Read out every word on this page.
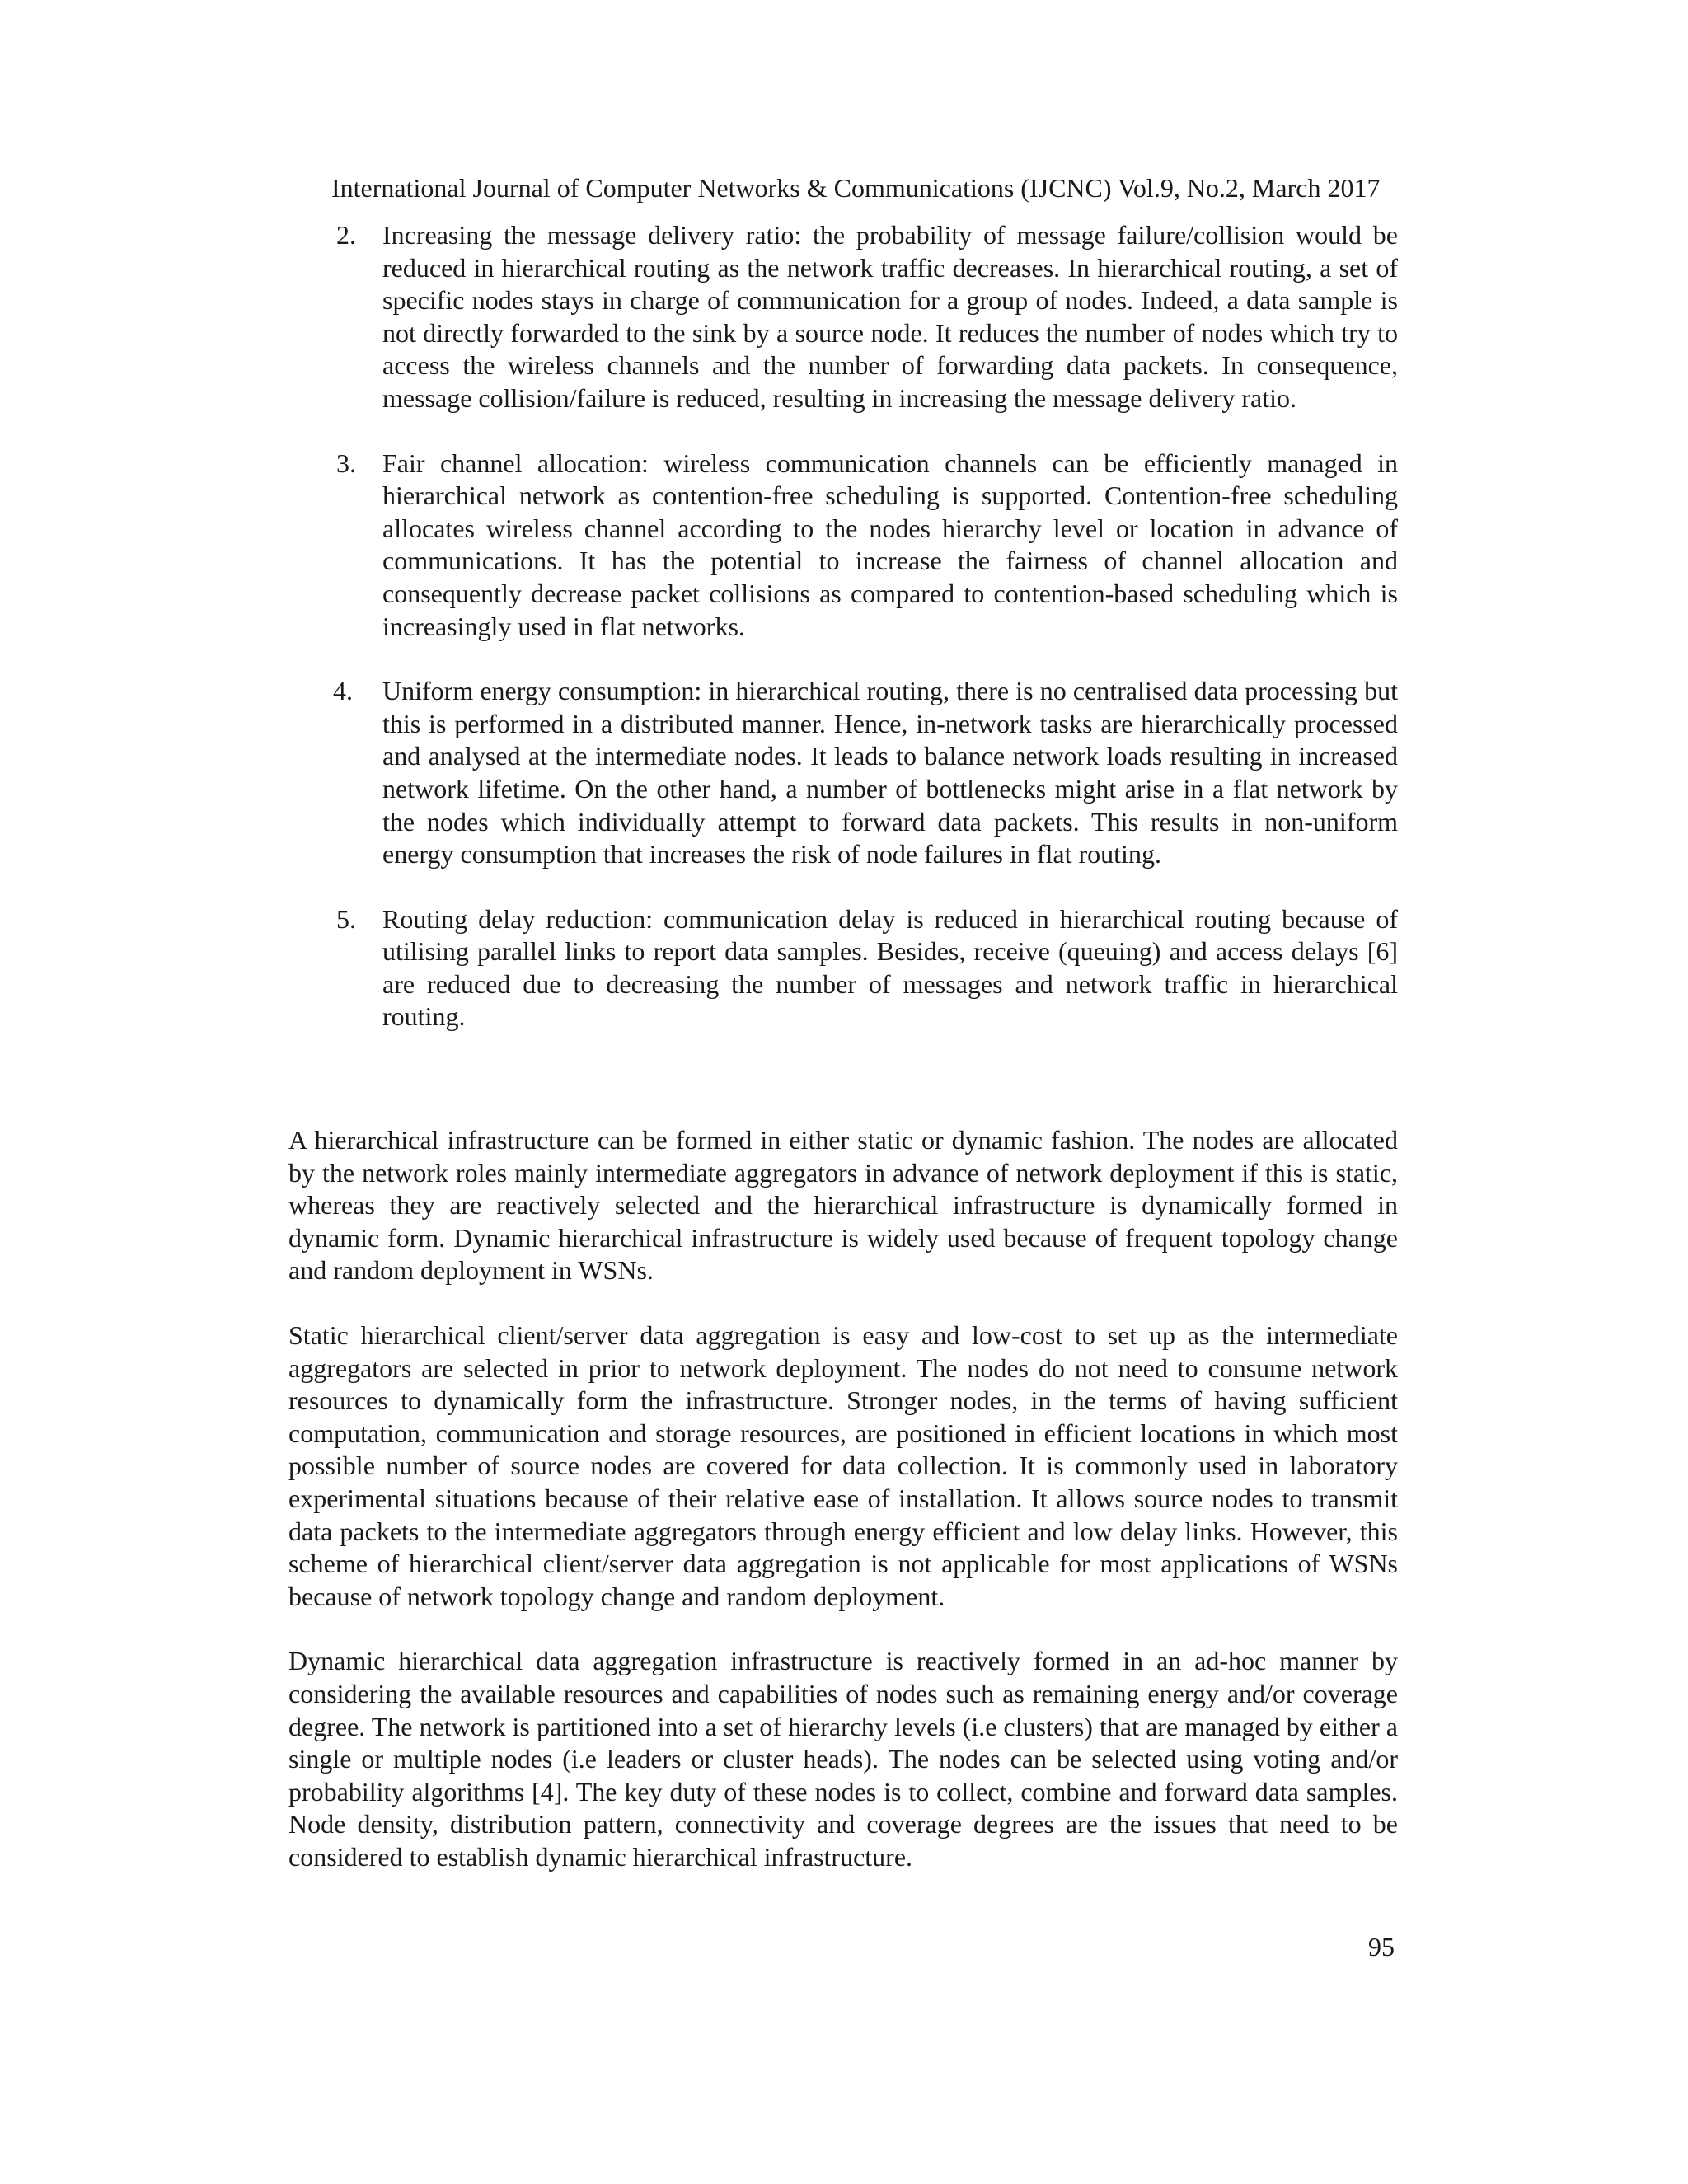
International Journal of Computer Networks & Communications (IJCNC) Vol.9, No.2, March 2017
2. Increasing the message delivery ratio: the probability of message failure/collision would be reduced in hierarchical routing as the network traffic decreases. In hierarchical routing, a set of specific nodes stays in charge of communication for a group of nodes. Indeed, a data sample is not directly forwarded to the sink by a source node. It reduces the number of nodes which try to access the wireless channels and the number of forwarding data packets. In consequence, message collision/failure is reduced, resulting in increasing the message delivery ratio.
3. Fair channel allocation: wireless communication channels can be efficiently managed in hierarchical network as contention-free scheduling is supported. Contention-free scheduling allocates wireless channel according to the nodes hierarchy level or location in advance of communications. It has the potential to increase the fairness of channel allocation and consequently decrease packet collisions as compared to contention-based scheduling which is increasingly used in flat networks.
4. Uniform energy consumption: in hierarchical routing, there is no centralised data processing but this is performed in a distributed manner. Hence, in-network tasks are hierarchically processed and analysed at the intermediate nodes. It leads to balance network loads resulting in increased network lifetime. On the other hand, a number of bottlenecks might arise in a flat network by the nodes which individually attempt to forward data packets. This results in non-uniform energy consumption that increases the risk of node failures in flat routing.
5. Routing delay reduction: communication delay is reduced in hierarchical routing because of utilising parallel links to report data samples. Besides, receive (queuing) and access delays [6] are reduced due to decreasing the number of messages and network traffic in hierarchical routing.

A hierarchical infrastructure can be formed in either static or dynamic fashion. The nodes are allocated by the network roles mainly intermediate aggregators in advance of network deployment if this is static, whereas they are reactively selected and the hierarchical infrastructure is dynamically formed in dynamic form. Dynamic hierarchical infrastructure is widely used because of frequent topology change and random deployment in WSNs.

Static hierarchical client/server data aggregation is easy and low-cost to set up as the intermediate aggregators are selected in prior to network deployment. The nodes do not need to consume network resources to dynamically form the infrastructure. Stronger nodes, in the terms of having sufficient computation, communication and storage resources, are positioned in efficient locations in which most possible number of source nodes are covered for data collection. It is commonly used in laboratory experimental situations because of their relative ease of installation. It allows source nodes to transmit data packets to the intermediate aggregators through energy efficient and low delay links. However, this scheme of hierarchical client/server data aggregation is not applicable for most applications of WSNs because of network topology change and random deployment.

Dynamic hierarchical data aggregation infrastructure is reactively formed in an ad-hoc manner by considering the available resources and capabilities of nodes such as remaining energy and/or coverage degree. The network is partitioned into a set of hierarchy levels (i.e clusters) that are managed by either a single or multiple nodes (i.e leaders or cluster heads). The nodes can be selected using voting and/or probability algorithms [4]. The key duty of these nodes is to collect, combine and forward data samples. Node density, distribution pattern, connectivity and coverage degrees are the issues that need to be considered to establish dynamic hierarchical infrastructure.

95
